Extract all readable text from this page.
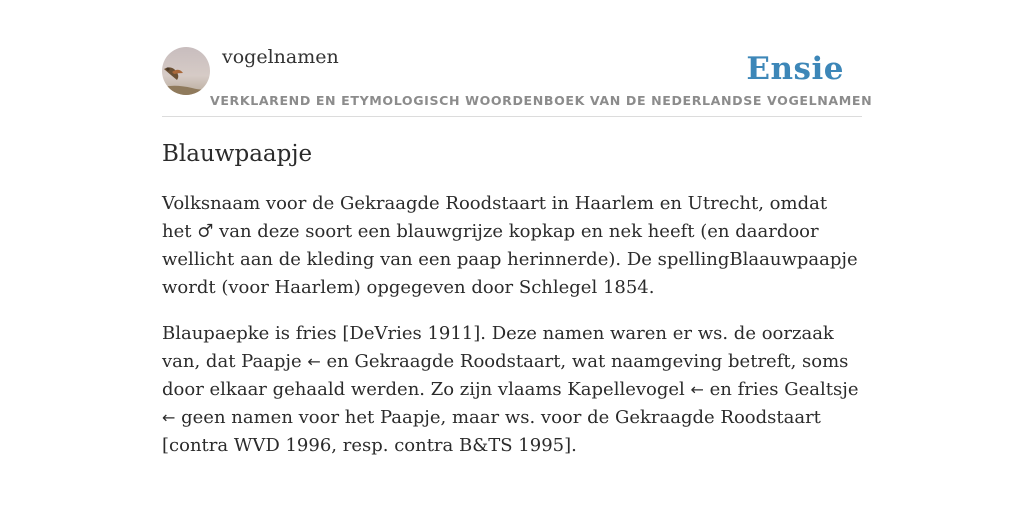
vogelnamen	Ensie
VERKLAREND EN ETYMOLOGISCH WOORDENBOEK VAN DE NEDERLANDSE VOGELNAMEN
Blauwpaapje

Volksnaam voor de Gekraagde Roodstaart in Haarlem en Utrecht, omdat het ♂ van deze soort een blauwgrijze kopkap en nek heeft (en daardoor wellicht aan de kleding van een paap herinnerde). De spellingBlaauwpaapje wordt (voor Haarlem) opgegeven door Schlegel 1854.

Blaupaepke is fries [DeVries 1911]. Deze namen waren er ws. de oorzaak van, dat Paapje ← en Gekraagde Roodstaart, wat naamgeving betreft, soms door elkaar gehaald werden. Zo zijn vlaams Kapellevogel ← en fries Gealtsje ← geen namen voor het Paapje, maar ws. voor de Gekraagde Roodstaart [contra WVD 1996, resp. contra B&TS 1995].
